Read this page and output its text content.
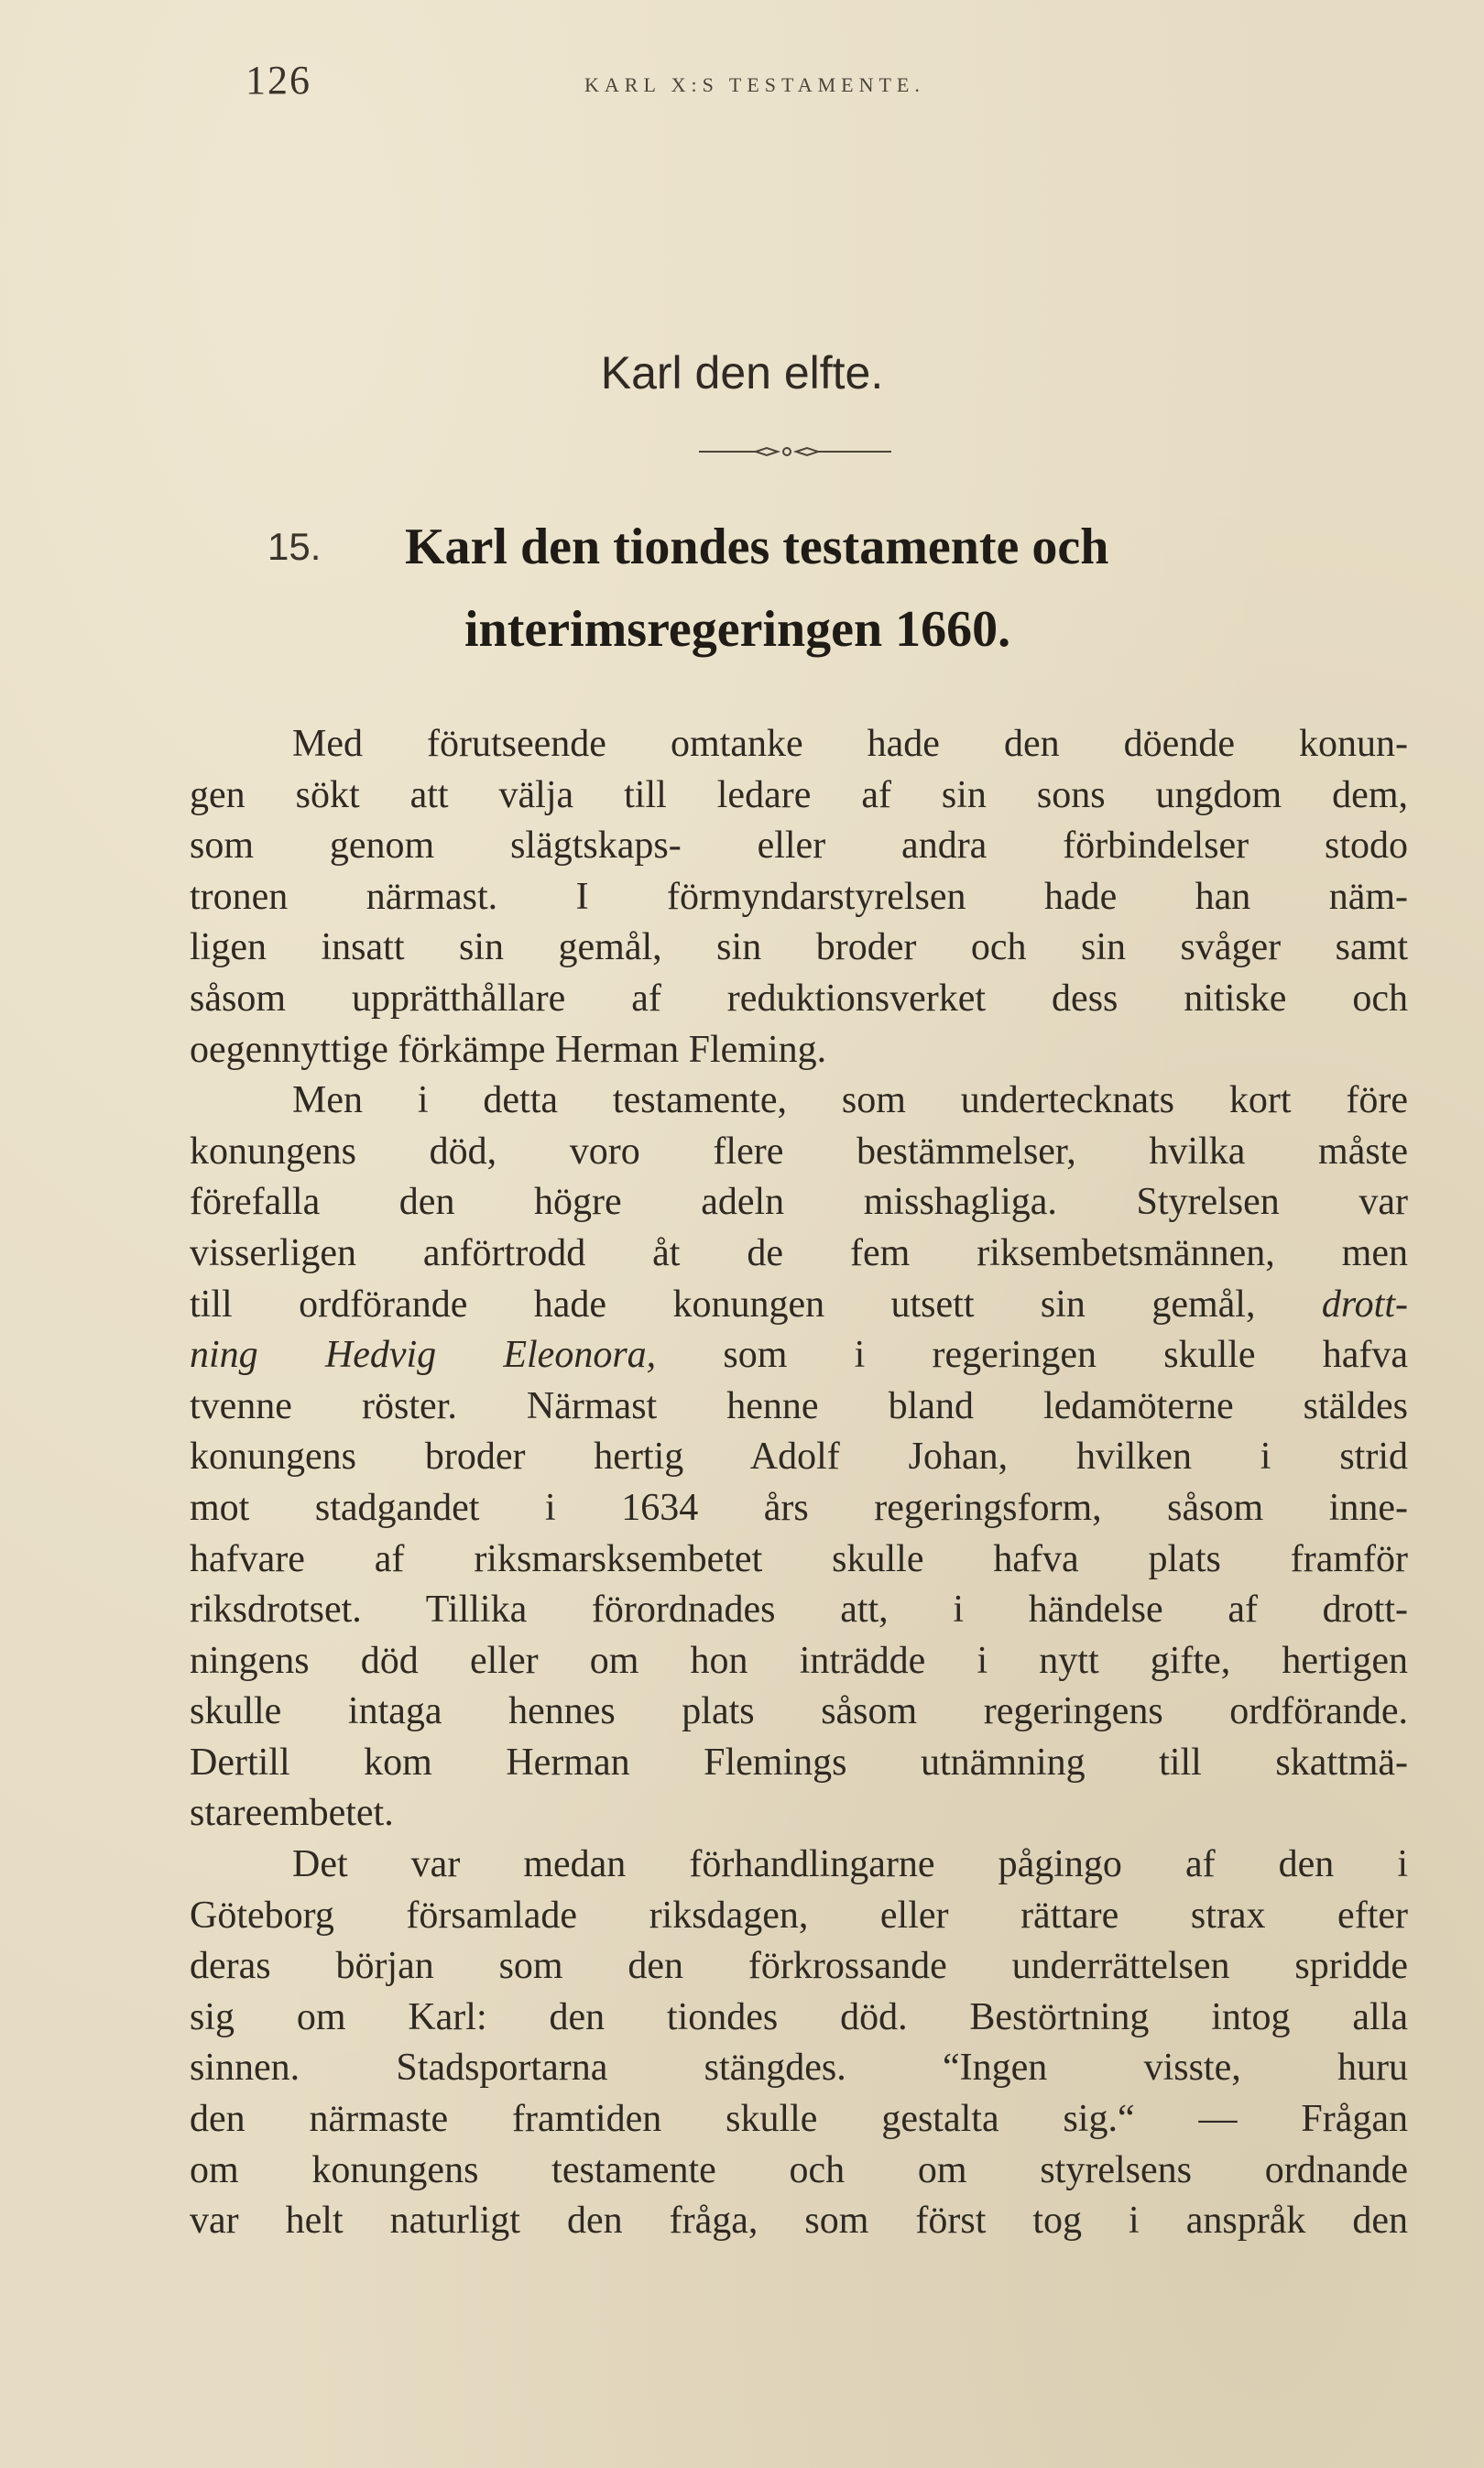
126	KARL X:S TESTAMENTE.
Karl den elfte.
15. Karl den tiondes testamente och
interimsregeringen 1660.
Med förutseende omtanke hade den döende konun-
gen sökt att välja till ledare af sin sons ungdom dem,
som genom slägtskaps- eller andra förbindelser stodo
tronen närmast. I förmyndarstyrelsen hade han näm-
ligen insatt sin gemål, sin broder och sin svåger samt
såsom upprätthållare af reduktionsverket dess nitiske och
oegennyttige förkämpe Herman Fleming.
Men i detta testamente, som undertecknats kort före
konungens död, voro flere bestämmelser, hvilka måste
förefalla den högre adeln misshagliga. Styrelsen var
visserligen anförtrodd åt de fem riksembetsmännen, men
till ordförande hade konungen utsett sin gemål, drott-
ning Hedvig Eleonora, som i regeringen skulle hafva
tvenne röster. Närmast henne bland ledamöterne stäldes
konungens broder hertig Adolf Johan, hvilken i strid
mot stadgandet i 1634 års regeringsform, såsom inne-
hafvare af riksmarsksembetet skulle hafva plats framför
riksdrotset. Tillika förordnades att, i händelse af drott-
ningens död eller om hon inträdde i nytt gifte, hertigen
skulle intaga hennes plats såsom regeringens ordförande.
Dertill kom Herman Flemings utnämning till skattmä-
stareembetet.
Det var medan förhandlingarne pågingo af den i
Göteborg församlade riksdagen, eller rättare strax efter
deras början som den förkrossande underrättelsen spridde
sig om Karl: den tiondes död. Bestörtning intog alla
sinnen. Stadsportarna stängdes. “Ingen visste, huru
den närmaste framtiden skulle gestalta sig.“ — Frågan
om konungens testamente och om styrelsens ordnande
var helt naturligt den fråga, som först tog i anspråk den
